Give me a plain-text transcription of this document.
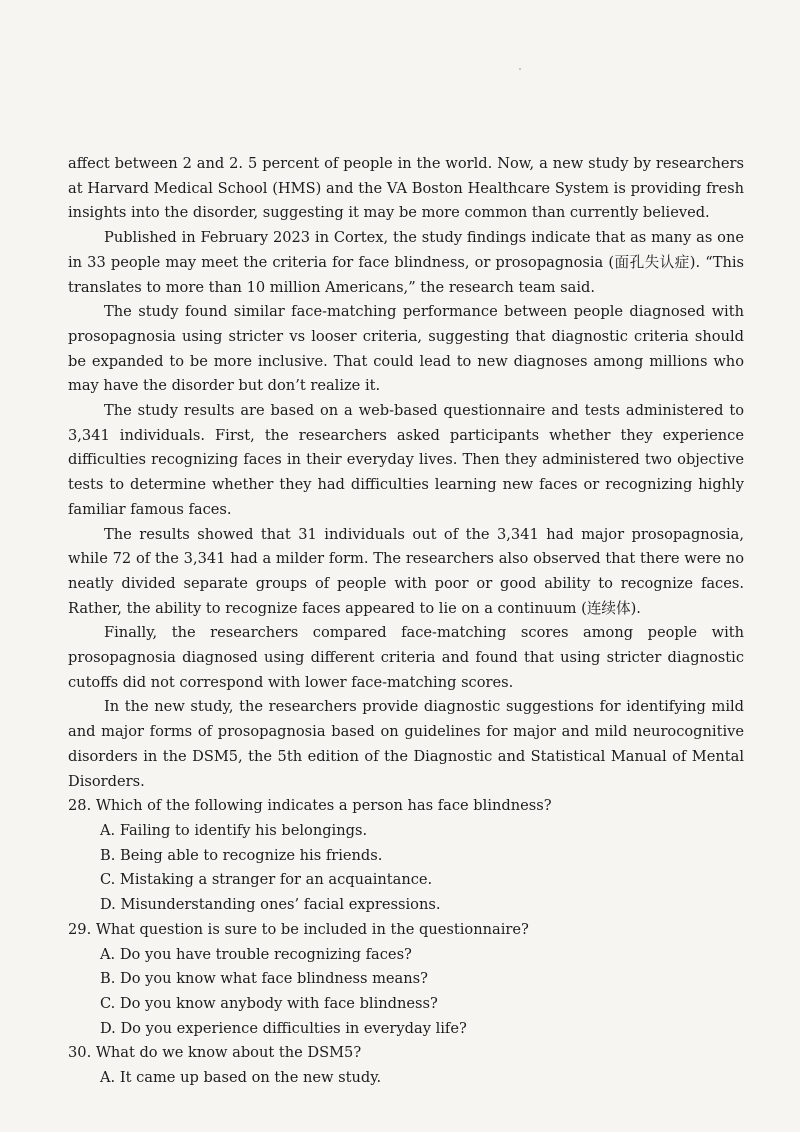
affect between 2 and 2. 5 percent of people in the world. Now, a new study by researchers at Harvard Medical School (HMS) and the VA Boston Healthcare System is providing fresh insights into the disorder, suggesting it may be more common than currently believed.

Published in February 2023 in Cortex, the study findings indicate that as many as one in 33 people may meet the criteria for face blindness, or prosopagnosia (面孔失认症). “This translates to more than 10 million Americans,” the research team said.

The study found similar face-matching performance between people diagnosed with prosopagnosia using stricter vs looser criteria, suggesting that diagnostic criteria should be expanded to be more inclusive. That could lead to new diagnoses among millions who may have the disorder but don’t realize it.

The study results are based on a web-based questionnaire and tests administered to 3,341 individuals. First, the researchers asked participants whether they experience difficulties recognizing faces in their everyday lives. Then they administered two objective tests to determine whether they had difficulties learning new faces or recognizing highly familiar famous faces.

The results showed that 31 individuals out of the 3,341 had major prosopagnosia, while 72 of the 3,341 had a milder form. The researchers also observed that there were no neatly divided separate groups of people with poor or good ability to recognize faces. Rather, the ability to recognize faces appeared to lie on a continuum (连续体).

Finally, the researchers compared face-matching scores among people with prosopagnosia diagnosed using different criteria and found that using stricter diagnostic cutoffs did not correspond with lower face-matching scores.

In the new study, the researchers provide diagnostic suggestions for identifying mild and major forms of prosopagnosia based on guidelines for major and mild neurocognitive disorders in the DSM5, the 5th edition of the Diagnostic and Statistical Manual of Mental Disorders.

28. Which of the following indicates a person has face blindness?

A. Failing to identify his belongings.

B. Being able to recognize his friends.

C. Mistaking a stranger for an acquaintance.

D. Misunderstanding ones’ facial expressions.

29. What question is sure to be included in the questionnaire?

A. Do you have trouble recognizing faces?

B. Do you know what face blindness means?

C. Do you know anybody with face blindness?

D. Do you experience difficulties in everyday life?

30. What do we know about the DSM5?

A. It came up based on the new study.
